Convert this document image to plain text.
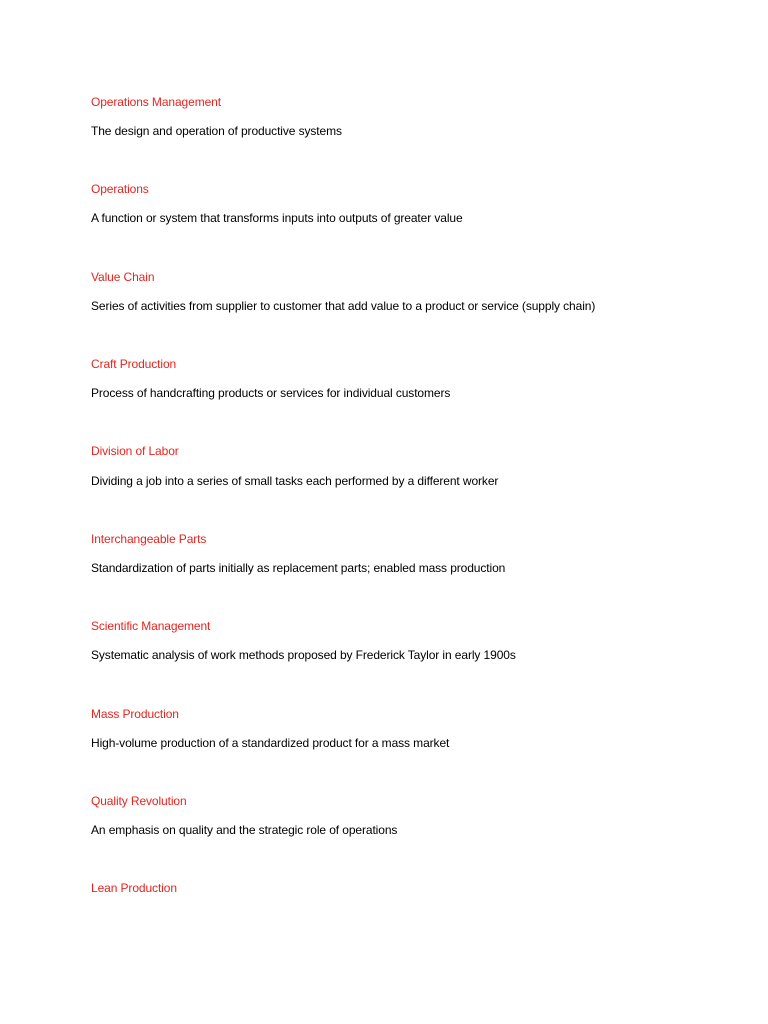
Operations Management
The design and operation of productive systems
Operations
A function or system that transforms inputs into outputs of greater value
Value Chain
Series of activities from supplier to customer that add value to a product or service (supply chain)
Craft Production
Process of handcrafting products or services for individual customers
Division of Labor
Dividing a job into a series of small tasks each performed by a different worker
Interchangeable Parts
Standardization of parts initially as replacement parts; enabled mass production
Scientific Management
Systematic analysis of work methods proposed by Frederick Taylor in early 1900s
Mass Production
High-volume production of a standardized product for a mass market
Quality Revolution
An emphasis on quality and the strategic role of operations
Lean Production
